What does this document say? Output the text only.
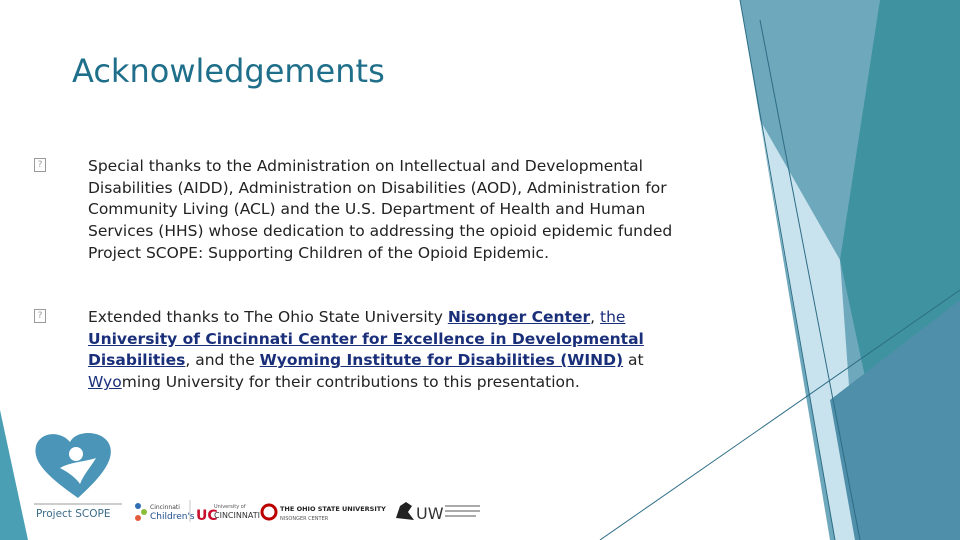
Acknowledgements
?	Special thanks to the Administration on Intellectual and Developmental Disabilities (AIDD), Administration on Disabilities (AOD), Administration for Community Living (ACL) and the U.S. Department of Health and Human Services (HHS) whose dedication to addressing the opioid epidemic funded Project SCOPE: Supporting Children of the Opioid Epidemic.
?	Extended thanks to The Ohio State University Nisonger Center, the University of Cincinnati Center for Excellence in Developmental Disabilities, and the Wyoming Institute for Disabilities (WIND) at Wyoming University for their contributions to this presentation.
Project SCOPE
Cincinnati
Children's UC
University of
CINCINNATI
THE OHIO STATE UNIVERSITY
NISONGER CENTER	UW
